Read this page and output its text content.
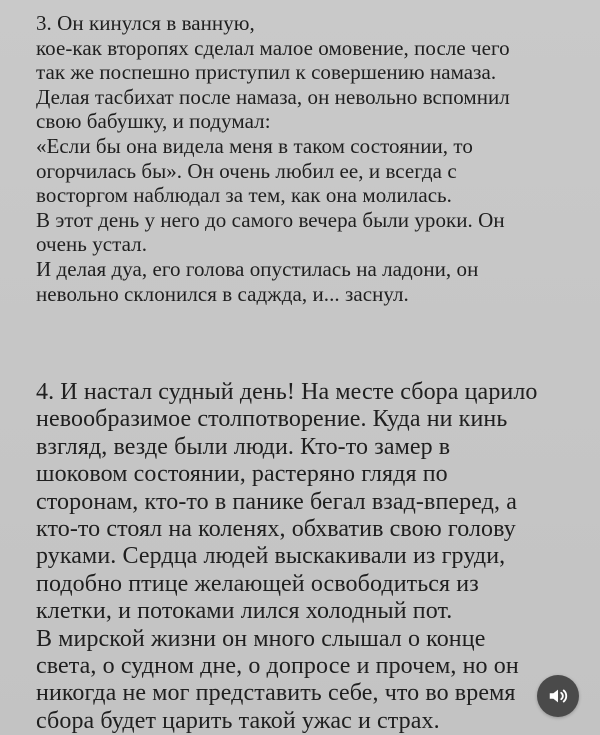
3. Он кинулся в ванную,
кое-как второпях сделал малое омовение, после чего
так же поспешно приступил к совершению намаза.
Делая тасбихат после намаза, он невольно вспомнил
свою бабушку, и подумал:
«Если бы она видела меня в таком состоянии, то
огорчилась бы». Он очень любил ее, и всегда с
восторгом наблюдал за тем, как она молилась.
В этот день у него до самого вечера были уроки. Он
очень устал.
И делая дуа, его голова опустилась на ладони, он
невольно склонился в саджда, и... заснул.

4. И настал судный день! На месте сбора царило
невообразимое столпотворение. Куда ни кинь
взгляд, везде были люди. Кто-то замер в
шоковом состоянии, растеряно глядя по
сторонам, кто-то в панике бегал взад-вперед, а
кто-то стоял на коленях, обхватив свою голову
руками. Сердца людей выскакивали из груди,
подобно птице желающей освободиться из
клетки, и потоками лился холодный пот.
В мирской жизни он много слышал о конце
света, о судном дне, о допросе и прочем, но он
никогда не мог представить себе, что во время
сбора будет царить такой ужас и страх.
